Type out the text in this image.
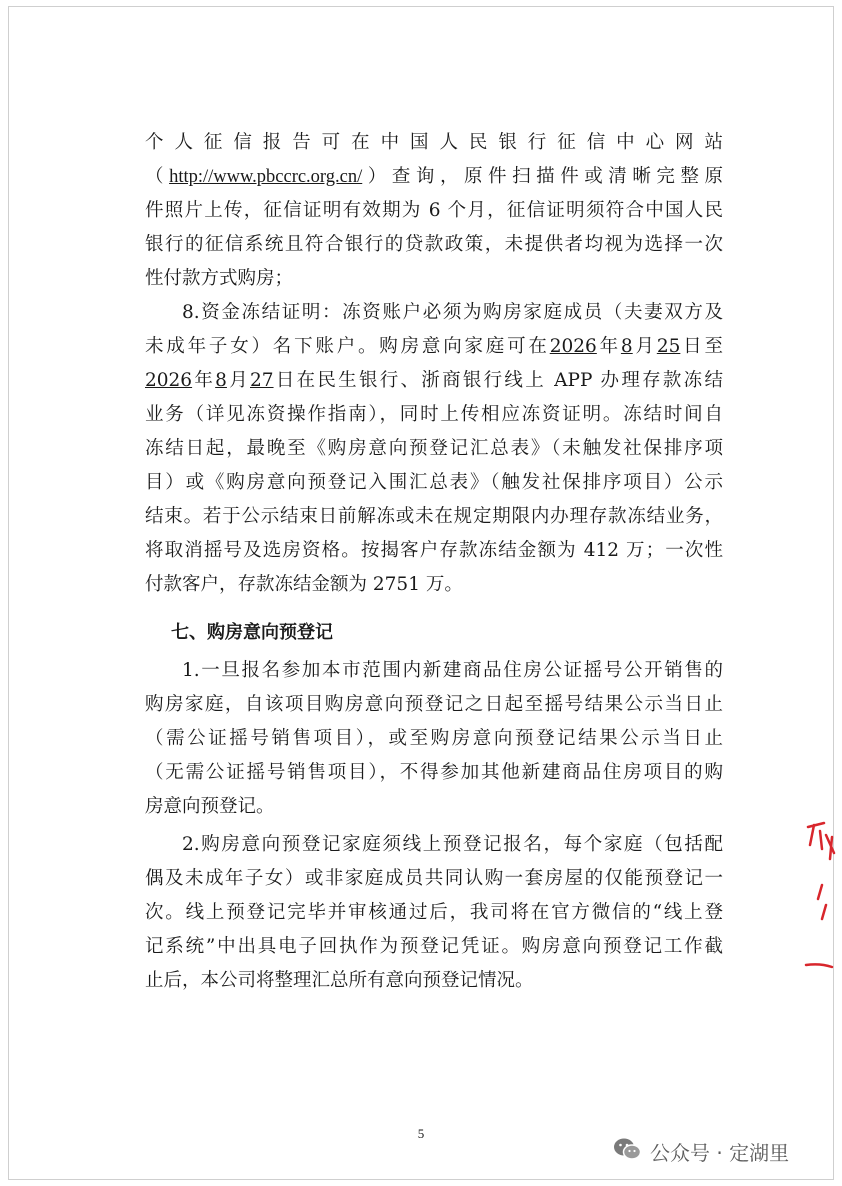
个人征信报告可在中国人民银行征信中心网站
（http://www.pbccrc.org.cn/）查询，原件扫描件或清晰完整原
件照片上传，征信证明有效期为 6 个月，征信证明须符合中国人民
银行的征信系统且符合银行的贷款政策，未提供者均视为选择一次
性付款方式购房；
8.资金冻结证明：冻资账户必须为购房家庭成员（夫妻双方及
未成年子女）名下账户。购房意向家庭可在2026年8月25日至
2026年8月27日在民生银行、浙商银行线上 APP 办理存款冻结
业务（详见冻资操作指南），同时上传相应冻资证明。冻结时间自
冻结日起，最晚至《购房意向预登记汇总表》（未触发社保排序项
目）或《购房意向预登记入围汇总表》（触发社保排序项目）公示
结束。若于公示结束日前解冻或未在规定期限内办理存款冻结业务，
将取消摇号及选房资格。按揭客户存款冻结金额为 412 万；一次性
付款客户，存款冻结金额为 2751 万。
七、购房意向预登记
1.一旦报名参加本市范围内新建商品住房公证摇号公开销售的
购房家庭，自该项目购房意向预登记之日起至摇号结果公示当日止
（需公证摇号销售项目），或至购房意向预登记结果公示当日止
（无需公证摇号销售项目），不得参加其他新建商品住房项目的购
房意向预登记。
2.购房意向预登记家庭须线上预登记报名，每个家庭（包括配
偶及未成年子女）或非家庭成员共同认购一套房屋的仅能预登记一
次。线上预登记完毕并审核通过后，我司将在官方微信的“线上登
记系统”中出具电子回执作为预登记凭证。购房意向预登记工作截
止后，本公司将整理汇总所有意向预登记情况。
5
公众号 · 定湖里
